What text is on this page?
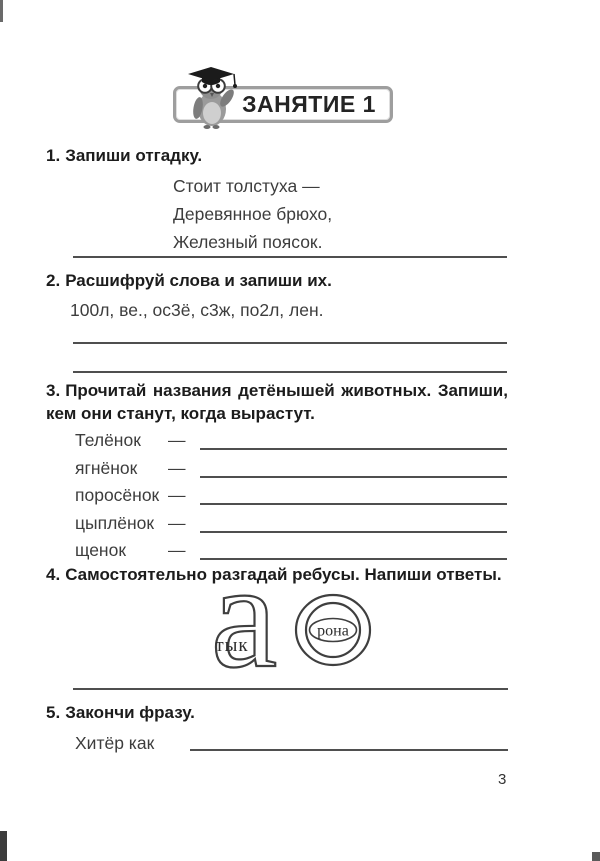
ЗАНЯТИЕ 1
1. Запиши отгадку.
Стоит толстуха —
Деревянное брюхо,
Железный поясок.
2. Расшифруй слова и запиши их.
100л, ве., ос3ё, с3ж, по2л, лен.
3. Прочитай названия детёнышей животных. Запиши, кем они станут, когда вырастут.
Телёнок —
ягнёнок —
поросёнок —
цыплёнок —
щенок —
4. Самостоятельно разгадай ребусы. Напиши ответы.
тык
рона
5. Закончи фразу.
Хитёр как
3
